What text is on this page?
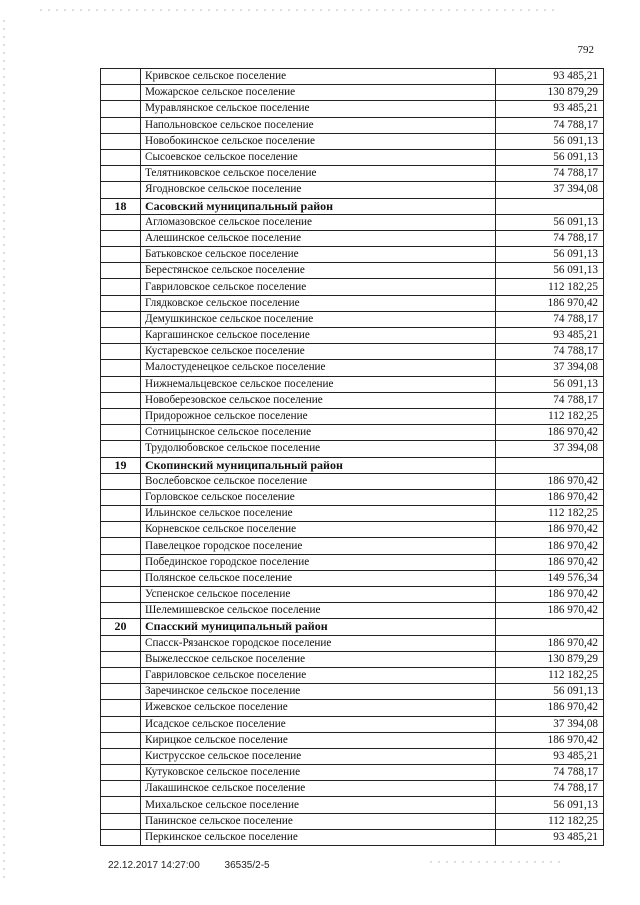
792
	Кривское сельское поселение	93 485,21
	Можарское сельское поселение	130 879,29
	Муравлянское сельское поселение	93 485,21
	Напольновское сельское поселение	74 788,17
	Новобокинское сельское поселение	56 091,13
	Сысоевское сельское поселение	56 091,13
	Телятниковское сельское поселение	74 788,17
	Ягодновское сельское поселение	37 394,08
18	Сасовский муниципальный район	
	Агломазовское сельское поселение	56 091,13
	Алешинское сельское поселение	74 788,17
	Батьковское сельское поселение	56 091,13
	Берестянское сельское поселение	56 091,13
	Гавриловское сельское поселение	112 182,25
	Глядковское сельское поселение	186 970,42
	Демушкинское сельское поселение	74 788,17
	Каргашинское сельское поселение	93 485,21
	Кустаревское сельское поселение	74 788,17
	Малостуденецкое сельское поселение	37 394,08
	Нижнемальцевское сельское поселение	56 091,13
	Новоберезовское сельское поселение	74 788,17
	Придорожное сельское поселение	112 182,25
	Сотницынское сельское поселение	186 970,42
	Трудолюбовское сельское поселение	37 394,08
19	Скопинский муниципальный район	
	Вослебовское сельское поселение	186 970,42
	Горловское сельское поселение	186 970,42
	Ильинское сельское поселение	112 182,25
	Корневское сельское поселение	186 970,42
	Павелецкое городское поселение	186 970,42
	Побединское городское поселение	186 970,42
	Полянское сельское поселение	149 576,34
	Успенское сельское поселение	186 970,42
	Шелемишевское сельское поселение	186 970,42
20	Спасский муниципальный район	
	Спасск-Рязанское городское поселение	186 970,42
	Выжелесское сельское поселение	130 879,29
	Гавриловское сельское поселение	112 182,25
	Заречинское сельское поселение	56 091,13
	Ижевское сельское поселение	186 970,42
	Исадское сельское поселение	37 394,08
	Кирицкое сельское поселение	186 970,42
	Киструсское сельское поселение	93 485,21
	Кутуковское сельское поселение	74 788,17
	Лакашинское сельское поселение	74 788,17
	Михальское сельское поселение	56 091,13
	Панинское сельское поселение	112 182,25
	Перкинское сельское поселение	93 485,21
22.12.2017 14:27:00 36535/2-5
